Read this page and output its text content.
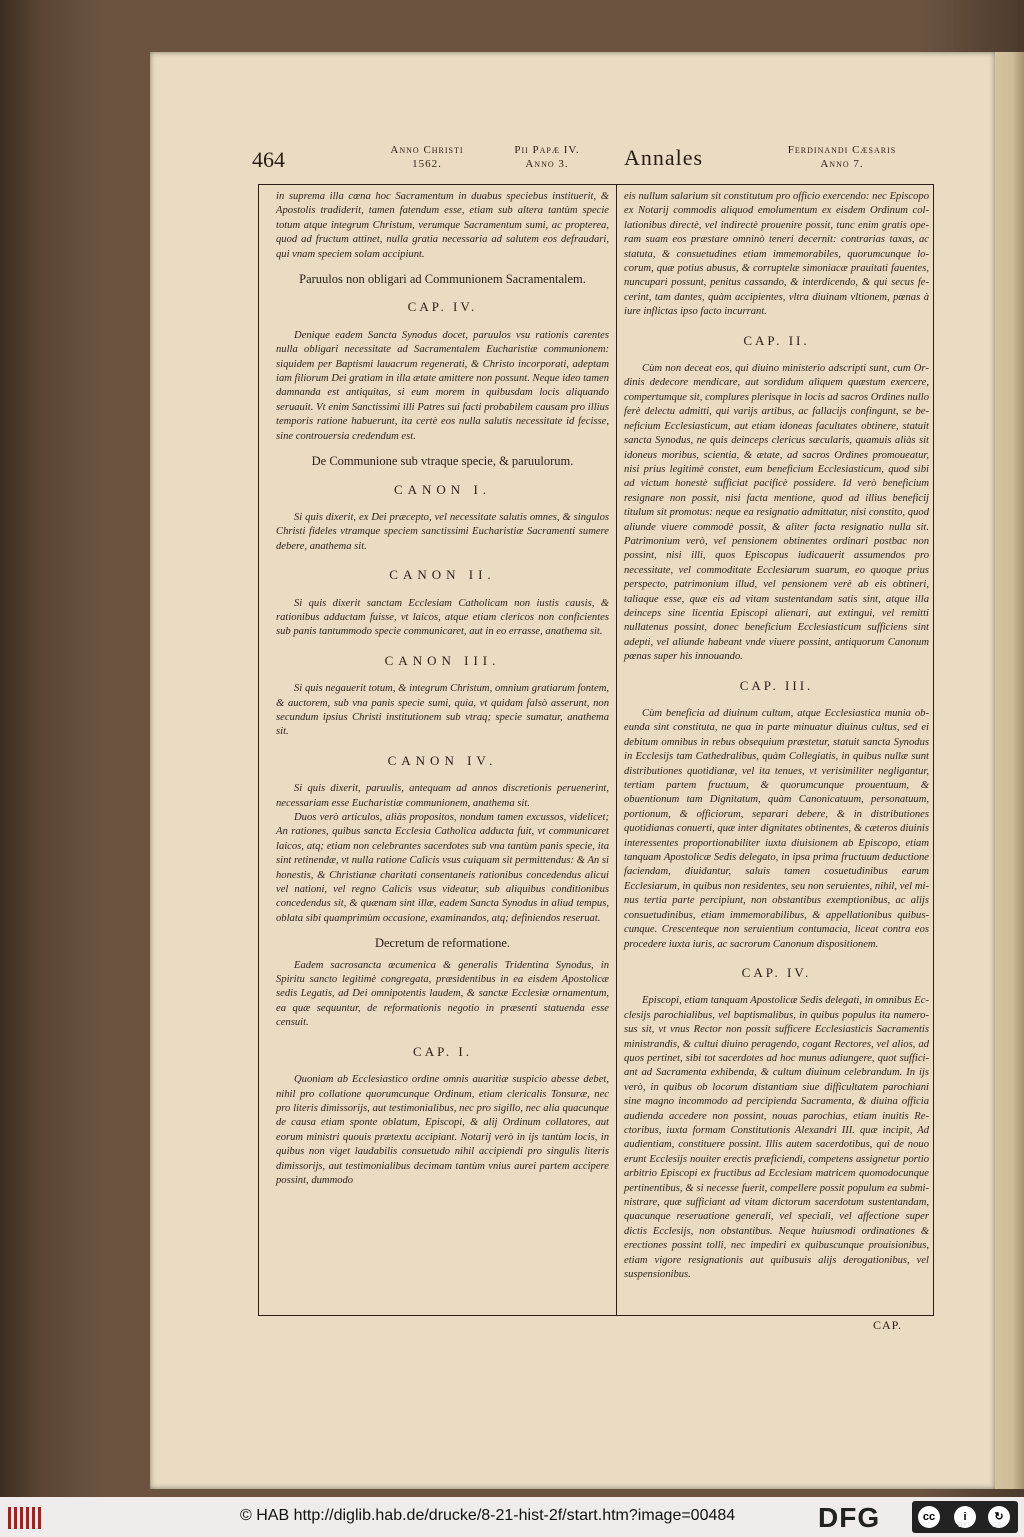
464	Anno Christi
1562.
Pii Papæ IV.
Anno 3.	Annales	Ferdinandi Cæsaris
Anno 7.

in suprema illa cœna hoc Sacramentum in duabus speciebus instituerit, & Apostolis tradiderit, tamen fatendum esse, etiam sub altera tantùm specie totum atque integrum Christum, verumque Sacramentum sumi, ac propterea, quod ad fructum attinet, nulla gratia necessaria ad salutem eos defraudari, qui vnam speciem solam accipiunt.

Paruulos non obligari ad Communionem Sacramentalem.

CAP. IV.

Denique eadem Sancta Synodus docet, paruulos vsu rationis carentes nulla obligari necessitate ad Sacramentalem Eucharistiæ communionem: siquidem per Baptismi lauacrum regenerati, & Christo incorporati, adeptam iam filiorum Dei gratiam in illa ætate amittere non possunt. Neque ideo tamen damnanda est antiquitas, si eum morem in quibusdam locis aliquando seruauit. Vt enim Sanctissimi illi Patres sui facti probabilem causam pro illius temporis ratione habuerunt, ita certè eos nulla salutis necessitate id fecisse, sine controuersia credendum est.

De Communione sub vtraque specie, & paruulorum.

CANON I.

Si quis dixerit, ex Dei præcepto, vel necessitate salutis omnes, & singulos Christi fideles vtramque speciem sanctissimi Eucharistiæ Sacramenti sumere debere, anathema sit.

CANON II.

Si quis dixerit sanctam Ecclesiam Catholicam non iustis causis, & rationibus adductam fuisse, vt laicos, atque etiam clericos non conficientes sub panis tantummodo specie communicaret, aut in eo errasse, anathema sit.

CANON III.

Si quis negauerit totum, & integrum Christum, omnium gratiarum fontem, & auctorem, sub vna panis specie sumi, quia, vt quidam falsò asserunt, non secundum ipsius Christi institutionem sub vtraq; specie sumatur, anathema sit.

CANON IV.

Si quis dixerit, paruulis, antequam ad annos discretionis peruenerint, necessariam esse Eucharistiæ communionem, anathema sit.

Duos verò articulos, aliàs propositos, nondum tamen excussos, videlicet; An rationes, quibus sancta Ecclesia Catholica adducta fuit, vt communicaret laicos, atq; etiam non celebrantes sacerdotes sub vna tantùm panis specie, ita sint retinendæ, vt nulla ratione Calicis vsus cuiquam sit permittendus: & An si honestis, & Christianæ charitati consentaneis rationibus concedendus alicui vel nationi, vel regno Calicis vsus videatur, sub aliquibus conditionibus concedendus sit, & quænam sint illæ, eadem Sancta Synodus in aliud tempus, oblata sibi quamprimùm occasione, examinandos, atq; definiendos reseruat.

Decretum de reformatione.

Eadem sacrosancta œcumenica & generalis Tridentina Synodus, in Spiritu sancto legitimè congregata, præsidentibus in ea eisdem Apostolicæ sedis Legatis, ad Dei omnipotentis laudem, & sanctæ Ecclesiæ ornamentum, ea quæ sequuntur, de reformationis negotio in præsenti statuenda esse censuit.

CAP. I.

Quoniam ab Ecclesiastico ordine omnis auaritiæ suspicio abesse debet, nihil pro collatione quorumcunque Ordinum, etiam clericalis Tonsuræ, nec pro literis dimissorijs, aut testimonialibus, nec pro sigillo, nec alia quacunque de causa etiam sponte oblatum, Episcopi, & alij Ordinum collatores, aut eorum ministri quouis prætextu accipiant. Notarij verò in ijs tantùm locis, in quibus non viget laudabilis consuetudo nihil accipiendi pro singulis literis dimissorijs, aut testimonialibus decimam tantùm vnius aurei partem accipere possint, dummodo

eis nullum salarium sit constitutum pro officio exercendo: nec Episcopo ex Notarij commodis aliquod emolumentum ex eisdem Ordinum collationibus directè, vel indirectè prouenire possit, tunc enim gratis operam suam eos præstare omninò teneri decernit: contrarias taxas, ac statuta, & consuetudines etiam immemorabiles, quorumcunque locorum, quæ potius abusus, & corruptelæ simoniacæ prauitati fauentes, nuncupari possunt, penitus cassando, & interdicendo, & qui secus fecerint, tam dantes, quàm accipientes, vltra diuinam vltionem, pœnas à iure inflictas ipso facto incurrant.

CAP. II.

Cùm non deceat eos, qui diuino ministerio adscripti sunt, cum Ordinis dedecore mendicare, aut sordidum aliquem quæstum exercere, compertumque sit, complures plerisque in locis ad sacros Ordines nullo ferè delectu admitti, qui varijs artibus, ac fallacijs confingunt, se beneficium Ecclesiasticum, aut etiam idoneas facultates obtinere, statuit sancta Synodus, ne quis deinceps clericus sæcularis, quamuis aliàs sit idoneus moribus, scientia, & ætate, ad sacros Ordines promoueatur, nisi prius legitimè constet, eum beneficium Ecclesiasticum, quod sibi ad victum honestè sufficiat pacificè possidere. Id verò beneficium resignare non possit, nisi facta mentione, quod ad illius beneficij titulum sit promotus: neque ea resignatio admittatur, nisi constito, quod aliunde viuere commodè possit, & aliter facta resignatio nulla sit. Patrimonium verò, vel pensionem obtinentes ordinari postbac non possint, nisi illi, quos Episcopus iudicauerit assumendos pro necessitate, vel commoditate Ecclesiarum suarum, eo quoque prius perspecto, patrimonium illud, vel pensionem verè ab eis obtineri, taliaque esse, quæ eis ad vitam sustentandam satis sint, atque illa deinceps sine licentia Episcopi alienari, aut extingui, vel remitti nullatenus possint, donec beneficium Ecclesiasticum sufficiens sint adepti, vel aliunde habeant vnde viuere possint, antiquorum Canonum pœnas super his innouando.

CAP. III.

Cùm beneficia ad diuinum cultum, atque Ecclesiastica munia obeunda sint constituta, ne qua in parte minuatur diuinus cultus, sed ei debitum omnibus in rebus obsequium præstetur, statuit sancta Synodus in Ecclesijs tam Cathedralibus, quàm Collegiatis, in quibus nullæ sunt distributiones quotidianæ, vel ita tenues, vt verisimiliter negligantur, tertiam partem fructuum, & quorumcunque prouentuum, & obuentionum tam Dignitatum, quàm Canonicatuum, personatuum, portionum, & officiorum, separari debere, & in distributiones quotidianas conuerti, quæ inter dignitates obtinentes, & cæteros diuinis interessentes proportionabiliter iuxta diuisionem ab Episcopo, etiam tanquam Apostolicæ Sedis delegato, in ipsa prima fructuum deductione faciendam, diuidantur, saluis tamen cosuetudinibus earum Ecclesiarum, in quibus non residentes, seu non seruientes, nihil, vel minus tertia parte percipiunt, non obstantibus exemptionibus, ac alijs consuetudinibus, etiam immemorabilibus, & appellationibus quibuscunque. Crescenteque non seruientium contumacia, liceat contra eos procedere iuxta iuris, ac sacrorum Canonum dispositionem.

CAP. IV.

Episcopi, etiam tanquam Apostolicæ Sedis delegati, in omnibus Ecclesijs parochialibus, vel baptismalibus, in quibus populus ita numerosus sit, vt vnus Rector non possit sufficere Ecclesiasticis Sacramentis ministrandis, & cultui diuino peragendo, cogant Rectores, vel alios, ad quos pertinet, sibi tot sacerdotes ad hoc munus adiungere, quot sufficiant ad Sacramenta exhibenda, & cultum diuinum celebrandum. In ijs verò, in quibus ob locorum distantiam siue difficultatem parochiani sine magno incommodo ad percipienda Sacramenta, & diuina officia audienda accedere non possint, nouas parochias, etiam inuitis Rectoribus, iuxta formam Constitutionis Alexandri III. quæ incipit, Ad audientiam, constituere possint. Illis autem sacerdotibus, qui de nouo erunt Ecclesijs nouiter erectis præficiendi, competens assignetur portio arbitrio Episcopi ex fructibus ad Ecclesiam matricem quomodocunque pertinentibus, & si necesse fuerit, compellere possit populum ea subministrare, quæ sufficiant ad vitam dictorum sacerdotum sustentandam, quacunque reseruatione generali, vel speciali, vel affectione super dictis Ecclesijs, non obstantibus. Neque huiusmodi ordinationes & erectiones possint tolli, nec impediri ex quibuscunque prouisionibus, etiam vigore resignationis aut quibusuis alijs derogationibus, vel suspensionibus.

CAP.
© HAB http://diglib.hab.de/drucke/8-21-hist-2f/start.htm?image=00484	DFG	cc	i	↻
BY	SA
